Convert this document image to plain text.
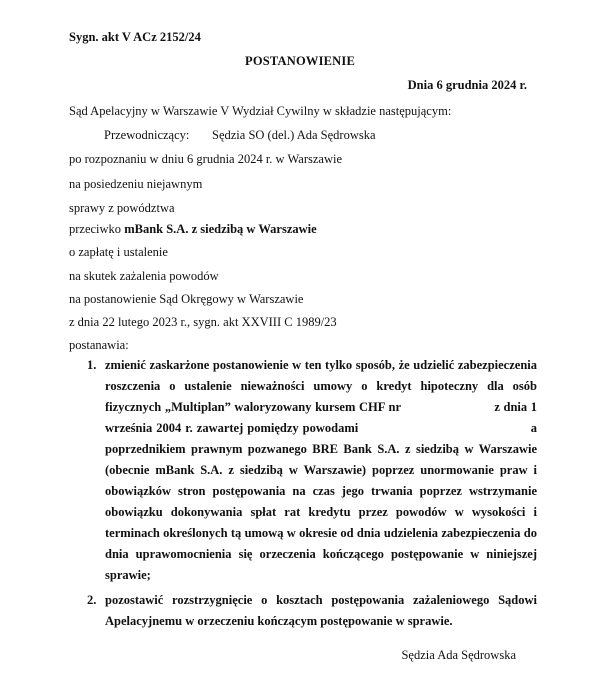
Sygn. akt V ACz 2152/24
POSTANOWIENIE
Dnia 6 grudnia 2024 r.
Sąd Apelacyjny w Warszawie V Wydział Cywilny w składzie następującym:
Przewodniczący: Sędzia SO (del.) Ada Sędrowska
po rozpoznaniu w dniu 6 grudnia 2024 r. w Warszawie
na posiedzeniu niejawnym
sprawy z powództwa
przeciwko mBank S.A. z siedzibą w Warszawie
o zapłatę i ustalenie
na skutek zażalenia powodów
na postanowienie Sąd Okręgowy w Warszawie
z dnia 22 lutego 2023 r., sygn. akt XXVIII C 1989/23
postanawia:
1. zmienić zaskarżone postanowienie w ten tylko sposób, że udzielić zabezpieczenia roszczenia o ustalenie nieważności umowy o kredyt hipoteczny dla osób fizycznych „Multiplan” waloryzowany kursem CHF nr                          z dnia 1 września 2004 r. zawartej pomiędzy powodami                                           a poprzednikiem prawnym pozwanego BRE Bank S.A. z siedzibą w Warszawie (obecnie mBank S.A. z siedzibą w Warszawie) poprzez unormowanie praw i obowiązków stron postępowania na czas jego trwania poprzez wstrzymanie obowiązku dokonywania spłat rat kredytu przez powodów w wysokości i terminach określonych tą umową w okresie od dnia udzielenia zabezpieczenia do dnia uprawomocnienia się orzeczenia kończącego postępowanie w niniejszej sprawie;
2. pozostawić rozstrzygnięcie o kosztach postępowania zażaleniowego Sądowi Apelacyjnemu w orzeczeniu kończącym postępowanie w sprawie.
Sędzia Ada Sędrowska
